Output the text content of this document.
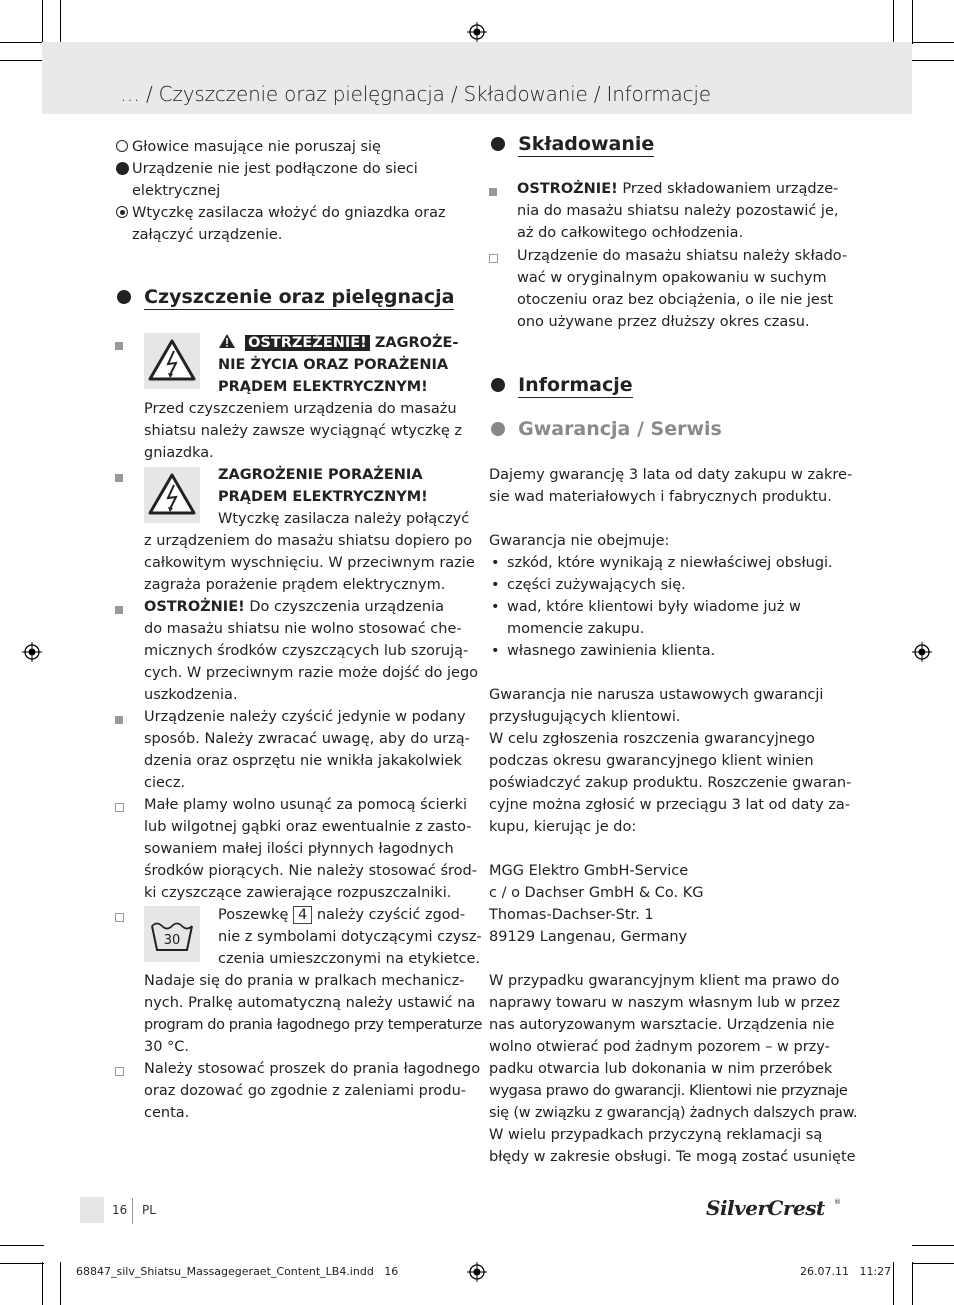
… / Czyszczenie oraz pielęgnacja / Składowanie / Informacje
Głowice masujące nie poruszaj się
Urządzenie nie jest podłączone do sieci
elektrycznej
Wtyczkę zasilacza włożyć do gniazdka oraz
załączyć urządzenie.
Czyszczenie oraz pielęgnacja
OSTRZEŻENIE! ZAGROŻE-
NIE ŻYCIA ORAZ PORAŻENIA
PRĄDEM ELEKTRYCZNYM!
Przed czyszczeniem urządzenia do masażu
shiatsu należy zawsze wyciągnąć wtyczkę z
gniazdka.
ZAGROŻENIE PORAŻENIA
PRĄDEM ELEKTRYCZNYM!
Wtyczkę zasilacza należy połączyć
z urządzeniem do masażu shiatsu dopiero po
całkowitym wyschnięciu. W przeciwnym razie
zagraża porażenie prądem elektrycznym.
OSTROŻNIE! Do czyszczenia urządzenia
do masażu shiatsu nie wolno stosować che-
micznych środków czyszczących lub szorują-
cych. W przeciwnym razie może dojść do jego
uszkodzenia.
Urządzenie należy czyścić jedynie w podany
sposób. Należy zwracać uwagę, aby do urzą-
dzenia oraz osprzętu nie wnikła jakakolwiek
ciecz.
Małe plamy wolno usunąć za pomocą ścierki
lub wilgotnej gąbki oraz ewentualnie z zasto-
sowaniem małej ilości płynnych łagodnych
środków piorących. Nie należy stosować środ-
ki czyszczące zawierające rozpuszczalniki.
30
Poszewkę 4 należy czyścić zgod-
nie z symbolami dotyczącymi czysz-
czenia umieszczonymi na etykietce.
Nadaje się do prania w pralkach mechanicz-
nych. Pralkę automatyczną należy ustawić na
program do prania łagodnego przy temperaturze
30 °C.
Należy stosować proszek do prania łagodnego
oraz dozować go zgodnie z zaleniami produ-
centa.
Składowanie
OSTROŻNIE! Przed składowaniem urządze-
nia do masażu shiatsu należy pozostawić je,
aż do całkowitego ochłodzenia.
Urządzenie do masażu shiatsu należy składo-
wać w oryginalnym opakowaniu w suchym
otoczeniu oraz bez obciążenia, o ile nie jest
ono używane przez dłuższy okres czasu.
Informacje
Gwarancja / Serwis
Dajemy gwarancję 3 lata od daty zakupu w zakre-
sie wad materiałowych i fabrycznych produktu.
Gwarancja nie obejmuje:
• szkód, które wynikają z niewłaściwej obsługi.
• części zużywających się.
• wad, które klientowi były wiadome już w
momencie zakupu.
• własnego zawinienia klienta.
Gwarancja nie narusza ustawowych gwarancji
przysługujących klientowi.
W celu zgłoszenia roszczenia gwarancyjnego
podczas okresu gwarancyjnego klient winien
poświadczyć zakup produktu. Roszczenie gwaran-
cyjne można zgłosić w przeciągu 3 lat od daty za-
kupu, kierując je do:
MGG Elektro GmbH-Service
c / o Dachser GmbH & Co. KG
Thomas-Dachser-Str. 1
89129 Langenau, Germany
W przypadku gwarancyjnym klient ma prawo do
naprawy towaru w naszym własnym lub w przez
nas autoryzowanym warsztacie. Urządzenia nie
wolno otwierać pod żadnym pozorem – w przy-
padku otwarcia lub dokonania w nim przeróbek
wygasa prawo do gwarancji. Klientowi nie przyznaje
się (w związku z gwarancją) żadnych dalszych praw.
W wielu przypadkach przyczyną reklamacji są
błędy w zakresie obsługi. Te mogą zostać usunięte
16 PL	SilverCrest ®
68847_silv_Shiatsu_Massagegeraet_Content_LB4.indd   16	26.07.11   11:27
